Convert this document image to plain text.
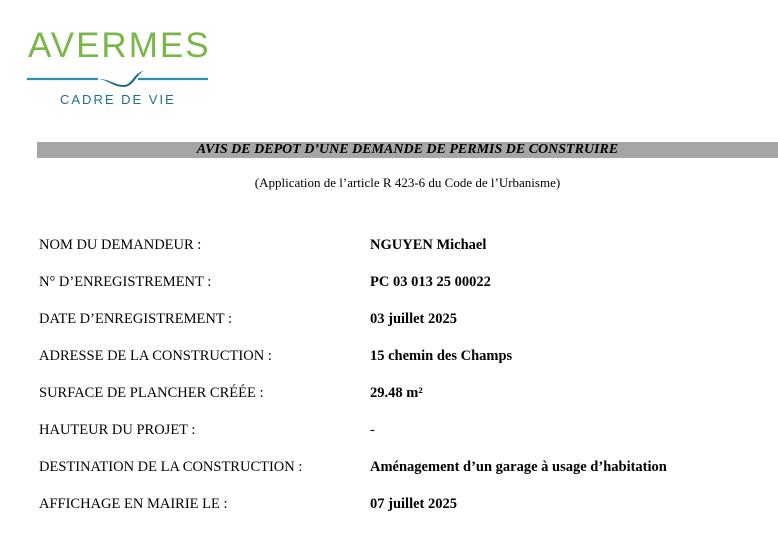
AVERMES
CADRE DE VIE
AVIS DE DEPOT D’UNE DEMANDE DE PERMIS DE CONSTRUIRE
(Application de l’article R 423-6 du Code de l’Urbanisme)
NOM DU DEMANDEUR :	NGUYEN Michael
N° D’ENREGISTREMENT :	PC 03 013 25 00022
DATE D’ENREGISTREMENT :	03 juillet 2025
ADRESSE DE LA CONSTRUCTION :	15 chemin des Champs
SURFACE DE PLANCHER CRÉÉE :	29.48 m²
HAUTEUR DU PROJET :	-
DESTINATION DE LA CONSTRUCTION :	Aménagement d’un garage à usage d’habitation
AFFICHAGE EN MAIRIE LE :	07 juillet 2025
